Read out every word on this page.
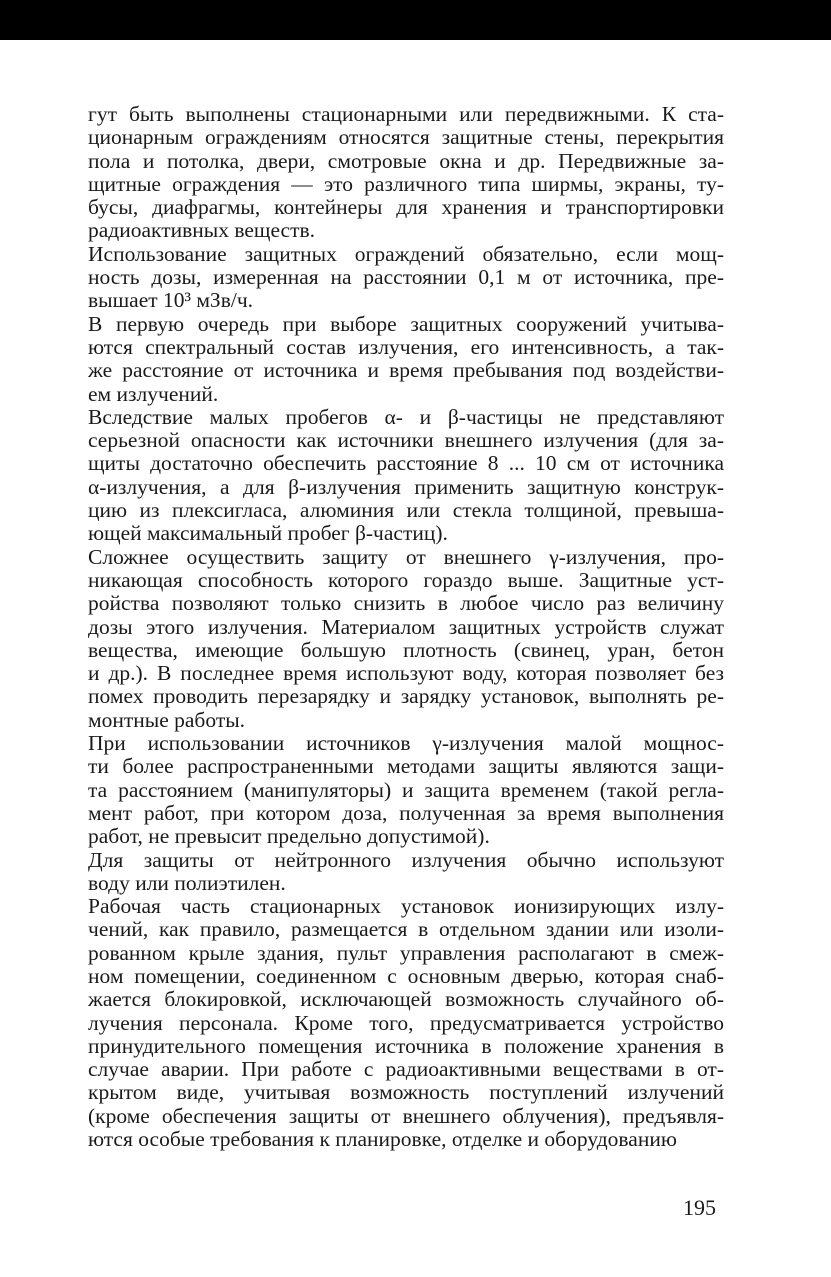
гут быть выполнены стационарными или передвижными. К ста-
ционарным ограждениям относятся защитные стены, перекрытия
пола и потолка, двери, смотровые окна и др. Передвижные за-
щитные ограждения — это различного типа ширмы, экраны, ту-
бусы, диафрагмы, контейнеры для хранения и транспортировки
радиоактивных веществ.
Использование защитных ограждений обязательно, если мощ-
ность дозы, измеренная на расстоянии 0,1 м от источника, пре-
вышает 10³ мЗв/ч.
В первую очередь при выборе защитных сооружений учитыва-
ются спектральный состав излучения, его интенсивность, а так-
же расстояние от источника и время пребывания под воздействи-
ем излучений.
Вследствие малых пробегов α- и β-частицы не представляют
серьезной опасности как источники внешнего излучения (для за-
щиты достаточно обеспечить расстояние 8 ... 10 см от источника
α-излучения, а для β-излучения применить защитную конструк-
цию из плексигласа, алюминия или стекла толщиной, превыша-
ющей максимальный пробег β-частиц).
Сложнее осуществить защиту от внешнего γ-излучения, про-
никающая способность которого гораздо выше. Защитные уст-
ройства позволяют только снизить в любое число раз величину
дозы этого излучения. Материалом защитных устройств служат
вещества, имеющие большую плотность (свинец, уран, бетон
и др.). В последнее время используют воду, которая позволяет без
помех проводить перезарядку и зарядку установок, выполнять ре-
монтные работы.
При использовании источников γ-излучения малой мощнос-
ти более распространенными методами защиты являются защи-
та расстоянием (манипуляторы) и защита временем (такой регла-
мент работ, при котором доза, полученная за время выполнения
работ, не превысит предельно допустимой).
Для защиты от нейтронного излучения обычно используют
воду или полиэтилен.
Рабочая часть стационарных установок ионизирующих излу-
чений, как правило, размещается в отдельном здании или изоли-
рованном крыле здания, пульт управления располагают в смеж-
ном помещении, соединенном с основным дверью, которая снаб-
жается блокировкой, исключающей возможность случайного об-
лучения персонала. Кроме того, предусматривается устройство
принудительного помещения источника в положение хранения в
случае аварии. При работе с радиоактивными веществами в от-
крытом виде, учитывая возможность поступлений излучений
(кроме обеспечения защиты от внешнего облучения), предъявля-
ются особые требования к планировке, отделке и оборудованию
195
